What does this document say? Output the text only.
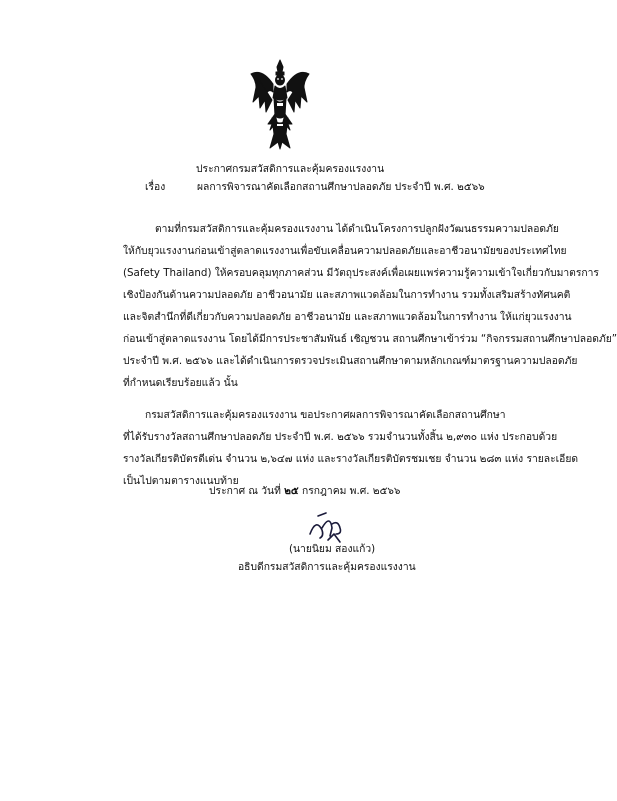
ประกาศกรมสวัสดิการและคุ้มครองแรงงาน
เรื่อง	ผลการพิจารณาคัดเลือกสถานศึกษาปลอดภัย ประจำปี พ.ศ. ๒๕๖๖
ตามที่กรมสวัสดิการและคุ้มครองแรงงาน ได้ดำเนินโครงการปลูกฝังวัฒนธรรมความปลอดภัย
ให้กับยุวแรงงานก่อนเข้าสู่ตลาดแรงงานเพื่อขับเคลื่อนความปลอดภัยและอาชีวอนามัยของประเทศไทย
(Safety Thailand) ให้ครอบคลุมทุกภาคส่วน มีวัตถุประสงค์เพื่อเผยแพร่ความรู้ความเข้าใจเกี่ยวกับมาตรการ
เชิงป้องกันด้านความปลอดภัย อาชีวอนามัย และสภาพแวดล้อมในการทำงาน รวมทั้งเสริมสร้างทัศนคติ
และจิตสำนึกที่ดีเกี่ยวกับความปลอดภัย อาชีวอนามัย และสภาพแวดล้อมในการทำงาน ให้แก่ยุวแรงงาน
ก่อนเข้าสู่ตลาดแรงงาน โดยได้มีการประชาสัมพันธ์ เชิญชวน สถานศึกษาเข้าร่วม “กิจกรรมสถานศึกษาปลอดภัย”
ประจำปี พ.ศ. ๒๕๖๖ และได้ดำเนินการตรวจประเมินสถานศึกษาตามหลักเกณฑ์มาตรฐานความปลอดภัย
ที่กำหนดเรียบร้อยแล้ว นั้น
กรมสวัสดิการและคุ้มครองแรงงาน ขอประกาศผลการพิจารณาคัดเลือกสถานศึกษา
ที่ได้รับรางวัลสถานศึกษาปลอดภัย ประจำปี พ.ศ. ๒๕๖๖ รวมจำนวนทั้งสิ้น ๒,๙๓๐ แห่ง ประกอบด้วย
รางวัลเกียรติบัตรดีเด่น จำนวน ๒,๖๔๗ แห่ง และรางวัลเกียรติบัตรชมเชย จำนวน ๒๘๓ แห่ง รายละเอียด
เป็นไปตามตารางแนบท้าย
ประกาศ ณ วันที่ ๒๕ กรกฎาคม พ.ศ. ๒๕๖๖
(นายนิยม สองแก้ว)
อธิบดีกรมสวัสดิการและคุ้มครองแรงงาน
